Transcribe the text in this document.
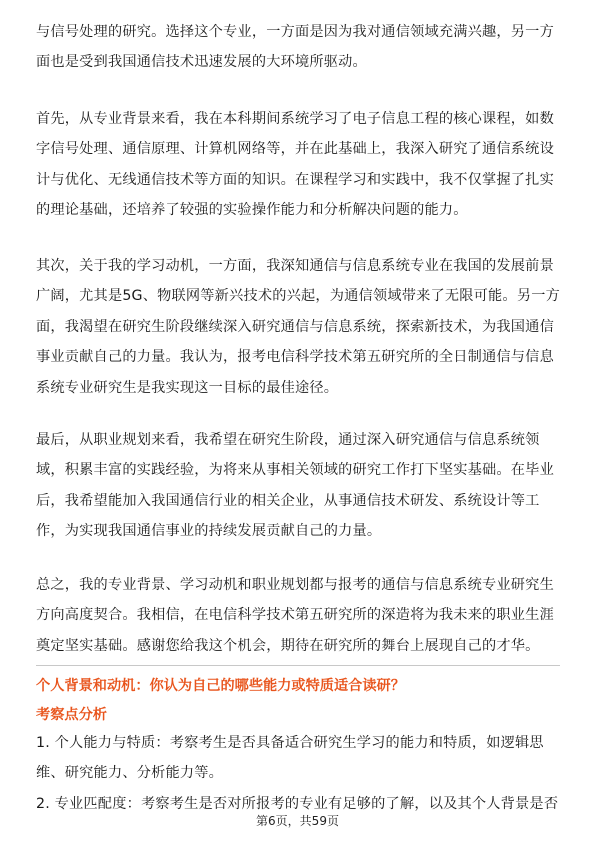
与信号处理的研究。选择这个专业，一方面是因为我对通信领域充满兴趣，另一方
面也是受到我国通信技术迅速发展的大环境所驱动。

首先，从专业背景来看，我在本科期间系统学习了电子信息工程的核心课程，如数
字信号处理、通信原理、计算机网络等，并在此基础上，我深入研究了通信系统设
计与优化、无线通信技术等方面的知识。在课程学习和实践中，我不仅掌握了扎实
的理论基础，还培养了较强的实验操作能力和分析解决问题的能力。

其次，关于我的学习动机，一方面，我深知通信与信息系统专业在我国的发展前景
广阔，尤其是5G、物联网等新兴技术的兴起，为通信领域带来了无限可能。另一方
面，我渴望在研究生阶段继续深入研究通信与信息系统，探索新技术，为我国通信
事业贡献自己的力量。我认为，报考电信科学技术第五研究所的全日制通信与信息
系统专业研究生是我实现这一目标的最佳途径。

最后，从职业规划来看，我希望在研究生阶段，通过深入研究通信与信息系统领
域，积累丰富的实践经验，为将来从事相关领域的研究工作打下坚实基础。在毕业
后，我希望能加入我国通信行业的相关企业，从事通信技术研发、系统设计等工
作，为实现我国通信事业的持续发展贡献自己的力量。

总之，我的专业背景、学习动机和职业规划都与报考的通信与信息系统专业研究生
方向高度契合。我相信，在电信科学技术第五研究所的深造将为我未来的职业生涯
奠定坚实基础。感谢您给我这个机会，期待在研究所的舞台上展现自己的才华。

个人背景和动机：你认为自己的哪些能力或特质适合读研？

考察点分析

1. 个人能力与特质：考察考生是否具备适合研究生学习的能力和特质，如逻辑思
维、研究能力、分析能力等。
2. 专业匹配度：考察考生是否对所报考的专业有足够的了解，以及其个人背景是否

第6页，共59页
